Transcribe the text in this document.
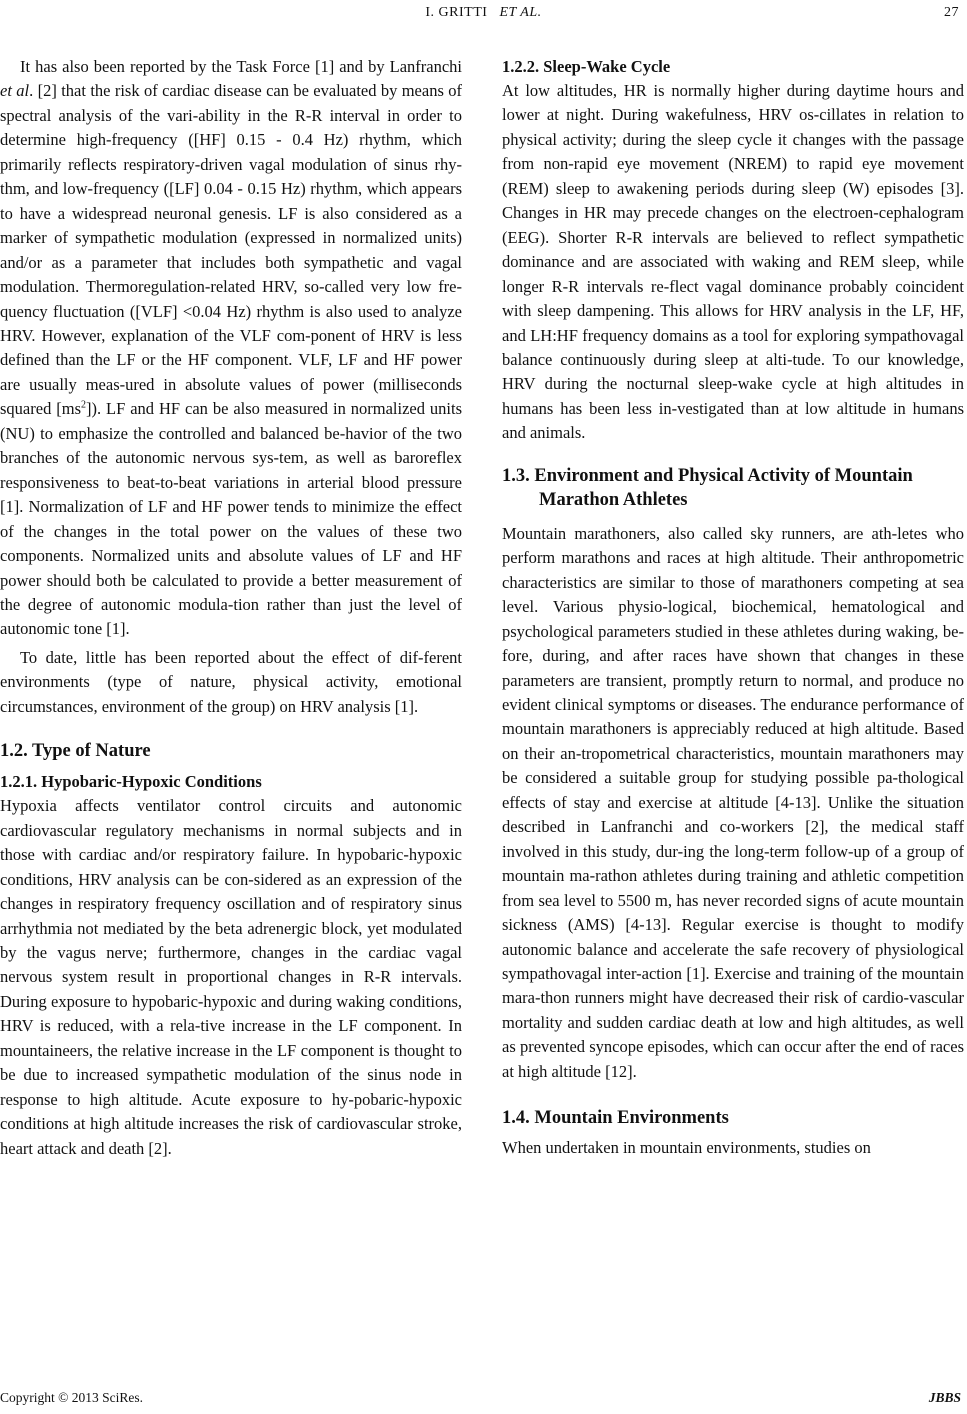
I. GRITTI ET AL.	27

It has also been reported by the Task Force [1] and by Lanfranchi et al. [2] that the risk of cardiac disease can be evaluated by means of spectral analysis of the vari-ability in the R-R interval in order to determine high-frequency ([HF] 0.15 - 0.4 Hz) rhythm, which primarily reflects respiratory-driven vagal modulation of sinus rhy-thm, and low-frequency ([LF] 0.04 - 0.15 Hz) rhythm, which appears to have a widespread neuronal genesis. LF is also considered as a marker of sympathetic modulation (expressed in normalized units) and/or as a parameter that includes both sympathetic and vagal modulation. Thermoregulation-related HRV, so-called very low fre-quency fluctuation ([VLF] <0.04 Hz) rhythm is also used to analyze HRV. However, explanation of the VLF com-ponent of HRV is less defined than the LF or the HF component. VLF, LF and HF power are usually meas-ured in absolute values of power (milliseconds squared $[ms^2]$). LF and HF can be also measured in normalized units (NU) to emphasize the controlled and balanced be-havior of the two branches of the autonomic nervous sys-tem, as well as baroreflex responsiveness to beat-to-beat variations in arterial blood pressure [1]. Normalization of LF and HF power tends to minimize the effect of the changes in the total power on the values of these two components. Normalized units and absolute values of LF and HF power should both be calculated to provide a better measurement of the degree of autonomic modula-tion rather than just the level of autonomic tone [1].

To date, little has been reported about the effect of dif-ferent environments (type of nature, physical activity, emotional circumstances, environment of the group) on HRV analysis [1].

1.2. Type of Nature
1.2.1. Hypobaric-Hypoxic Conditions

Hypoxia affects ventilator control circuits and autonomic cardiovascular regulatory mechanisms in normal subjects and in those with cardiac and/or respiratory failure. In hypobaric-hypoxic conditions, HRV analysis can be con-sidered as an expression of the changes in respiratory frequency oscillation and of respiratory sinus arrhythmia not mediated by the beta adrenergic block, yet modulated by the vagus nerve; furthermore, changes in the cardiac vagal nervous system result in proportional changes in R-R intervals. During exposure to hypobaric-hypoxic and during waking conditions, HRV is reduced, with a rela-tive increase in the LF component. In mountaineers, the relative increase in the LF component is thought to be due to increased sympathetic modulation of the sinus node in response to high altitude. Acute exposure to hy-pobaric-hypoxic conditions at high altitude increases the risk of cardiovascular stroke, heart attack and death [2].

1.2.2. Sleep-Wake Cycle

At low altitudes, HR is normally higher during daytime hours and lower at night. During wakefulness, HRV os-cillates in relation to physical activity; during the sleep cycle it changes with the passage from non-rapid eye movement (NREM) to rapid eye movement (REM) sleep to awakening periods during sleep (W) episodes [3]. Changes in HR may precede changes on the electroen-cephalogram (EEG). Shorter R-R intervals are believed to reflect sympathetic dominance and are associated with waking and REM sleep, while longer R-R intervals re-flect vagal dominance probably coincident with sleep dampening. This allows for HRV analysis in the LF, HF, and LH:HF frequency domains as a tool for exploring sympathovagal balance continuously during sleep at alti-tude. To our knowledge, HRV during the nocturnal sleep-wake cycle at high altitudes in humans has been less in-vestigated than at low altitude in humans and animals.

1.3. Environment and Physical Activity of Mountain Marathon Athletes

Mountain marathoners, also called sky runners, are ath-letes who perform marathons and races at high altitude. Their anthropometric characteristics are similar to those of marathoners competing at sea level. Various physio-logical, biochemical, hematological and psychological parameters studied in these athletes during waking, be-fore, during, and after races have shown that changes in these parameters are transient, promptly return to normal, and produce no evident clinical symptoms or diseases. The endurance performance of mountain marathoners is appreciably reduced at high altitude. Based on their an-tropometrical characteristics, mountain marathoners may be considered a suitable group for studying possible pa-thological effects of stay and exercise at altitude [4-13]. Unlike the situation described in Lanfranchi and co-workers [2], the medical staff involved in this study, dur-ing the long-term follow-up of a group of mountain ma-rathon athletes during training and athletic competition from sea level to 5500 m, has never recorded signs of acute mountain sickness (AMS) [4-13]. Regular exercise is thought to modify autonomic balance and accelerate the safe recovery of physiological sympathovagal inter-action [1]. Exercise and training of the mountain mara-thon runners might have decreased their risk of cardio-vascular mortality and sudden cardiac death at low and high altitudes, as well as prevented syncope episodes, which can occur after the end of races at high altitude [12].

1.4. Mountain Environments

When undertaken in mountain environments, studies on

Copyright © 2013 SciRes.	JBBS
